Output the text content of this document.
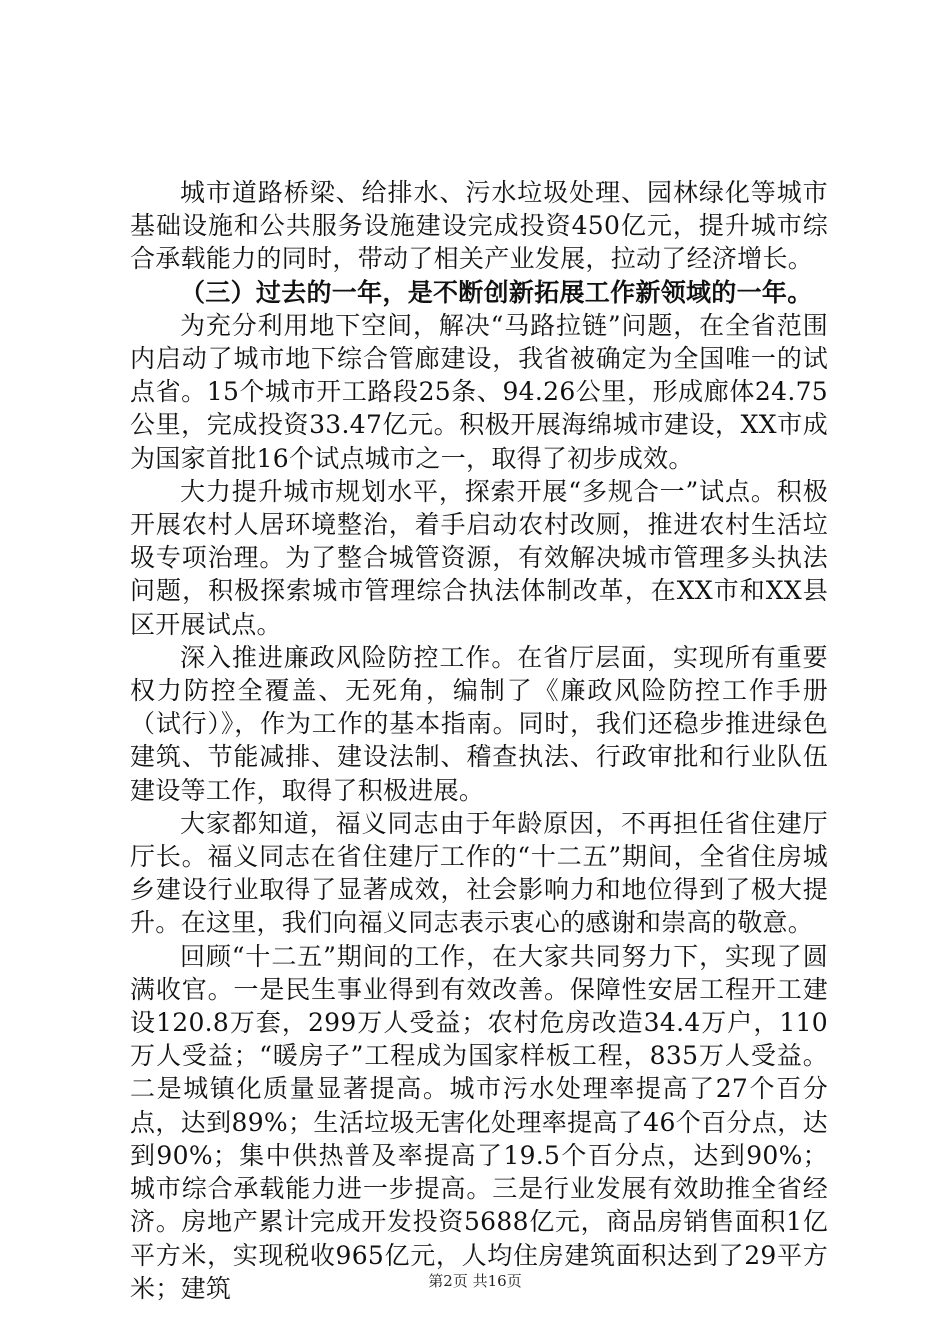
城市道路桥梁、给排水、污水垃圾处理、园林绿化等城市基础设施和公共服务设施建设完成投资450亿元，提升城市综合承载能力的同时，带动了相关产业发展，拉动了经济增长。

（三）过去的一年，是不断创新拓展工作新领域的一年。

为充分利用地下空间，解决“马路拉链”问题，在全省范围内启动了城市地下综合管廊建设，我省被确定为全国唯一的试点省。15个城市开工路段25条、94.26公里，形成廊体24.75公里，完成投资33.47亿元。积极开展海绵城市建设，XX市成为国家首批16个试点城市之一，取得了初步成效。

大力提升城市规划水平，探索开展“多规合一”试点。积极开展农村人居环境整治，着手启动农村改厕，推进农村生活垃圾专项治理。为了整合城管资源，有效解决城市管理多头执法问题，积极探索城市管理综合执法体制改革，在XX市和XX县区开展试点。

深入推进廉政风险防控工作。在省厅层面，实现所有重要权力防控全覆盖、无死角，编制了《廉政风险防控工作手册（试行）》，作为工作的基本指南。同时，我们还稳步推进绿色建筑、节能减排、建设法制、稽查执法、行政审批和行业队伍建设等工作，取得了积极进展。

大家都知道，福义同志由于年龄原因，不再担任省住建厅厅长。福义同志在省住建厅工作的“十二五”期间，全省住房城乡建设行业取得了显著成效，社会影响力和地位得到了极大提升。在这里，我们向福义同志表示衷心的感谢和崇高的敬意。

回顾“十二五”期间的工作，在大家共同努力下，实现了圆满收官。一是民生事业得到有效改善。保障性安居工程开工建设120.8万套，299万人受益；农村危房改造34.4万户，110万人受益；“暖房子”工程成为国家样板工程，835万人受益。二是城镇化质量显著提高。城市污水处理率提高了27个百分点，达到89%；生活垃圾无害化处理率提高了46个百分点，达到90%；集中供热普及率提高了19.5个百分点，达到90%；城市综合承载能力进一步提高。三是行业发展有效助推全省经济。房地产累计完成开发投资5688亿元，商品房销售面积1亿平方米，实现税收965亿元，人均住房建筑面积达到了29平方米；建筑	第2页 共16页
